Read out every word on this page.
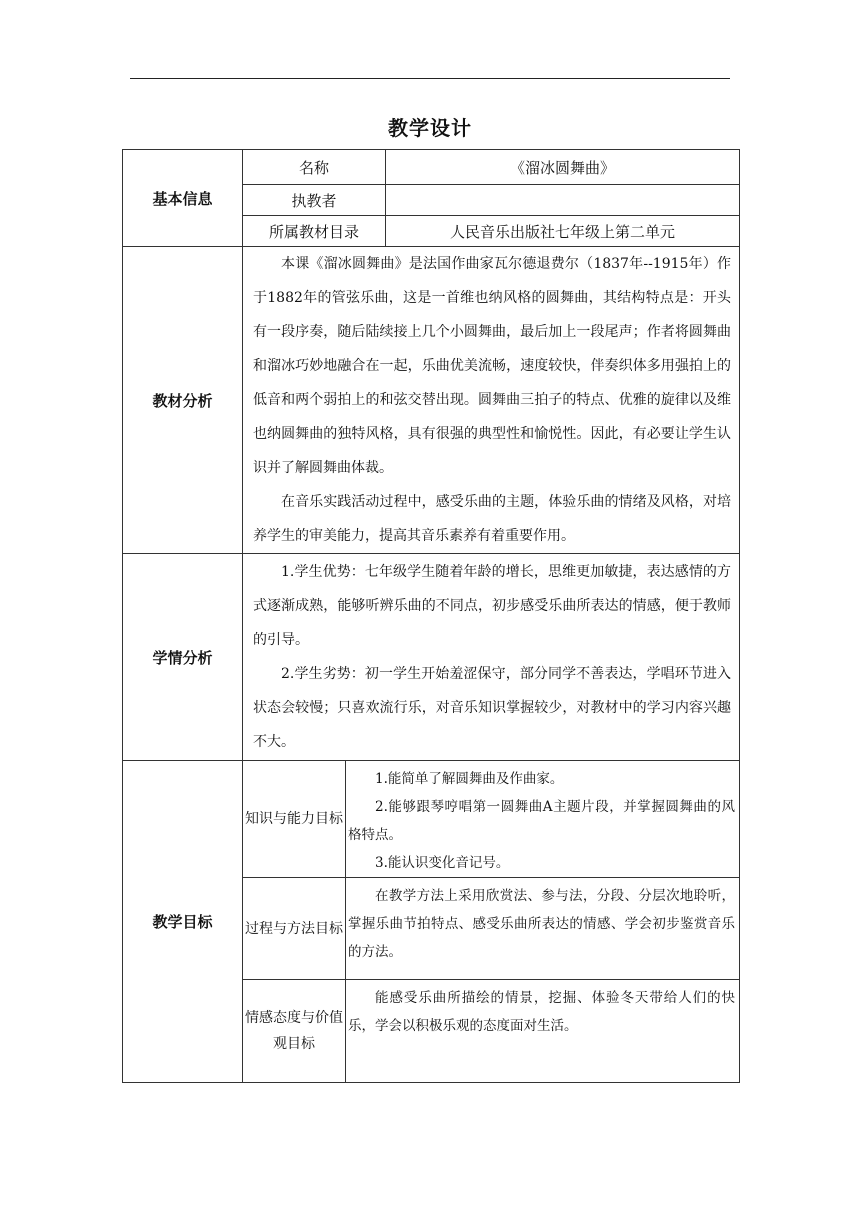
教学设计
基本信息	名称		《溜冰圆舞曲》
	执教者		
	所属教材目录		人民音乐出版社七年级上第二单元
教材分析	本课《溜冰圆舞曲》是法国作曲家瓦尔德退费尔（1837年--1915年）作于1882年的管弦乐曲，这是一首维也纳风格的圆舞曲，其结构特点是：开头有一段序奏，随后陆续接上几个小圆舞曲，最后加上一段尾声；作者将圆舞曲和溜冰巧妙地融合在一起，乐曲优美流畅，速度较快，伴奏织体多用强拍上的低音和两个弱拍上的和弦交替出现。圆舞曲三拍子的特点、优雅的旋律以及维也纳圆舞曲的独特风格，具有很强的典型性和愉悦性。因此，有必要让学生认识并了解圆舞曲体裁。

在音乐实践活动过程中，感受乐曲的主题，体验乐曲的情绪及风格，对培养学生的审美能力，提高其音乐素养有着重要作用。		

学情分析	1.学生优势：七年级学生随着年龄的增长，思维更加敏捷，表达感情的方式逐渐成熟，能够听辨乐曲的不同点，初步感受乐曲所表达的情感，便于教师的引导。

2.学生劣势：初一学生开始羞涩保守，部分同学不善表达，学唱环节进入状态会较慢；只喜欢流行乐，对音乐知识掌握较少，对教材中的学习内容兴趣不大。		

教学目标	知识与能力目标	1.能简单了解圆舞曲及作曲家。

2.能够跟琴哼唱第一圆舞曲A主题片段，并掌握圆舞曲的风格特点。

3.能认识变化音记号。	

	过程与方法目标	在教学方法上采用欣赏法、参与法，分段、分层次地聆听，掌握乐曲节拍特点、感受乐曲所表达的情感、学会初步鉴赏音乐的方法。	

	情感态度与价值观目标	能感受乐曲所描绘的情景，挖掘、体验冬天带给人们的快乐，学会以积极乐观的态度面对生活。	
